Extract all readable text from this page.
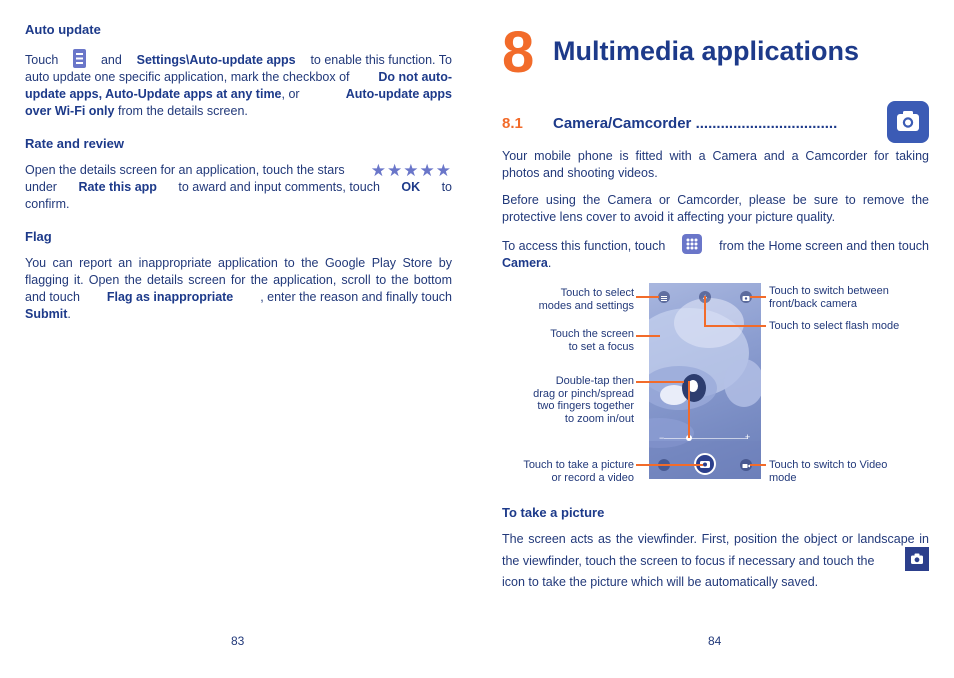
Auto update
Touch	and Settings\Auto-update apps to enable this function. To
auto update one specific application, mark the checkbox of Do not auto-
update apps, Auto-Update apps at any time, or	Auto-update apps
over Wi-Fi only from the details screen.
Rate and review
Open the details screen for an application, touch the stars ★★★★★
under Rate this app to award and input comments, touch OK to
confirm.
Flag
You can report an inappropriate application to the Google Play Store by
flagging it. Open the details screen for the application, scroll to the bottom
and touch Flag as inappropriate , enter the reason and finally touch
Submit.
83
8 Multimedia applications
8.1 Camera/Camcorder ..................................
Your mobile phone is fitted with a Camera and a Camcorder for taking
photos and shooting videos.
Before using the Camera or Camcorder, please be sure to remove the
protective lens cover to avoid it affecting your picture quality.
To access this function, touch	from the Home screen and then touch
Camera.
−	+
Touch to select
modes and settings
Touch the screen
to set a focus
Double-tap then
drag or pinch/spread
two fingers together
to zoom in/out
Touch to take a picture
or record a video
Touch to switch between
front/back camera
Touch to select flash mode
Touch to switch to Video
mode
To take a picture
The screen acts as the viewfinder. First, position the object or landscape in
the viewfinder, touch the screen to focus if necessary and touch the
icon to take the picture which will be automatically saved.
84
